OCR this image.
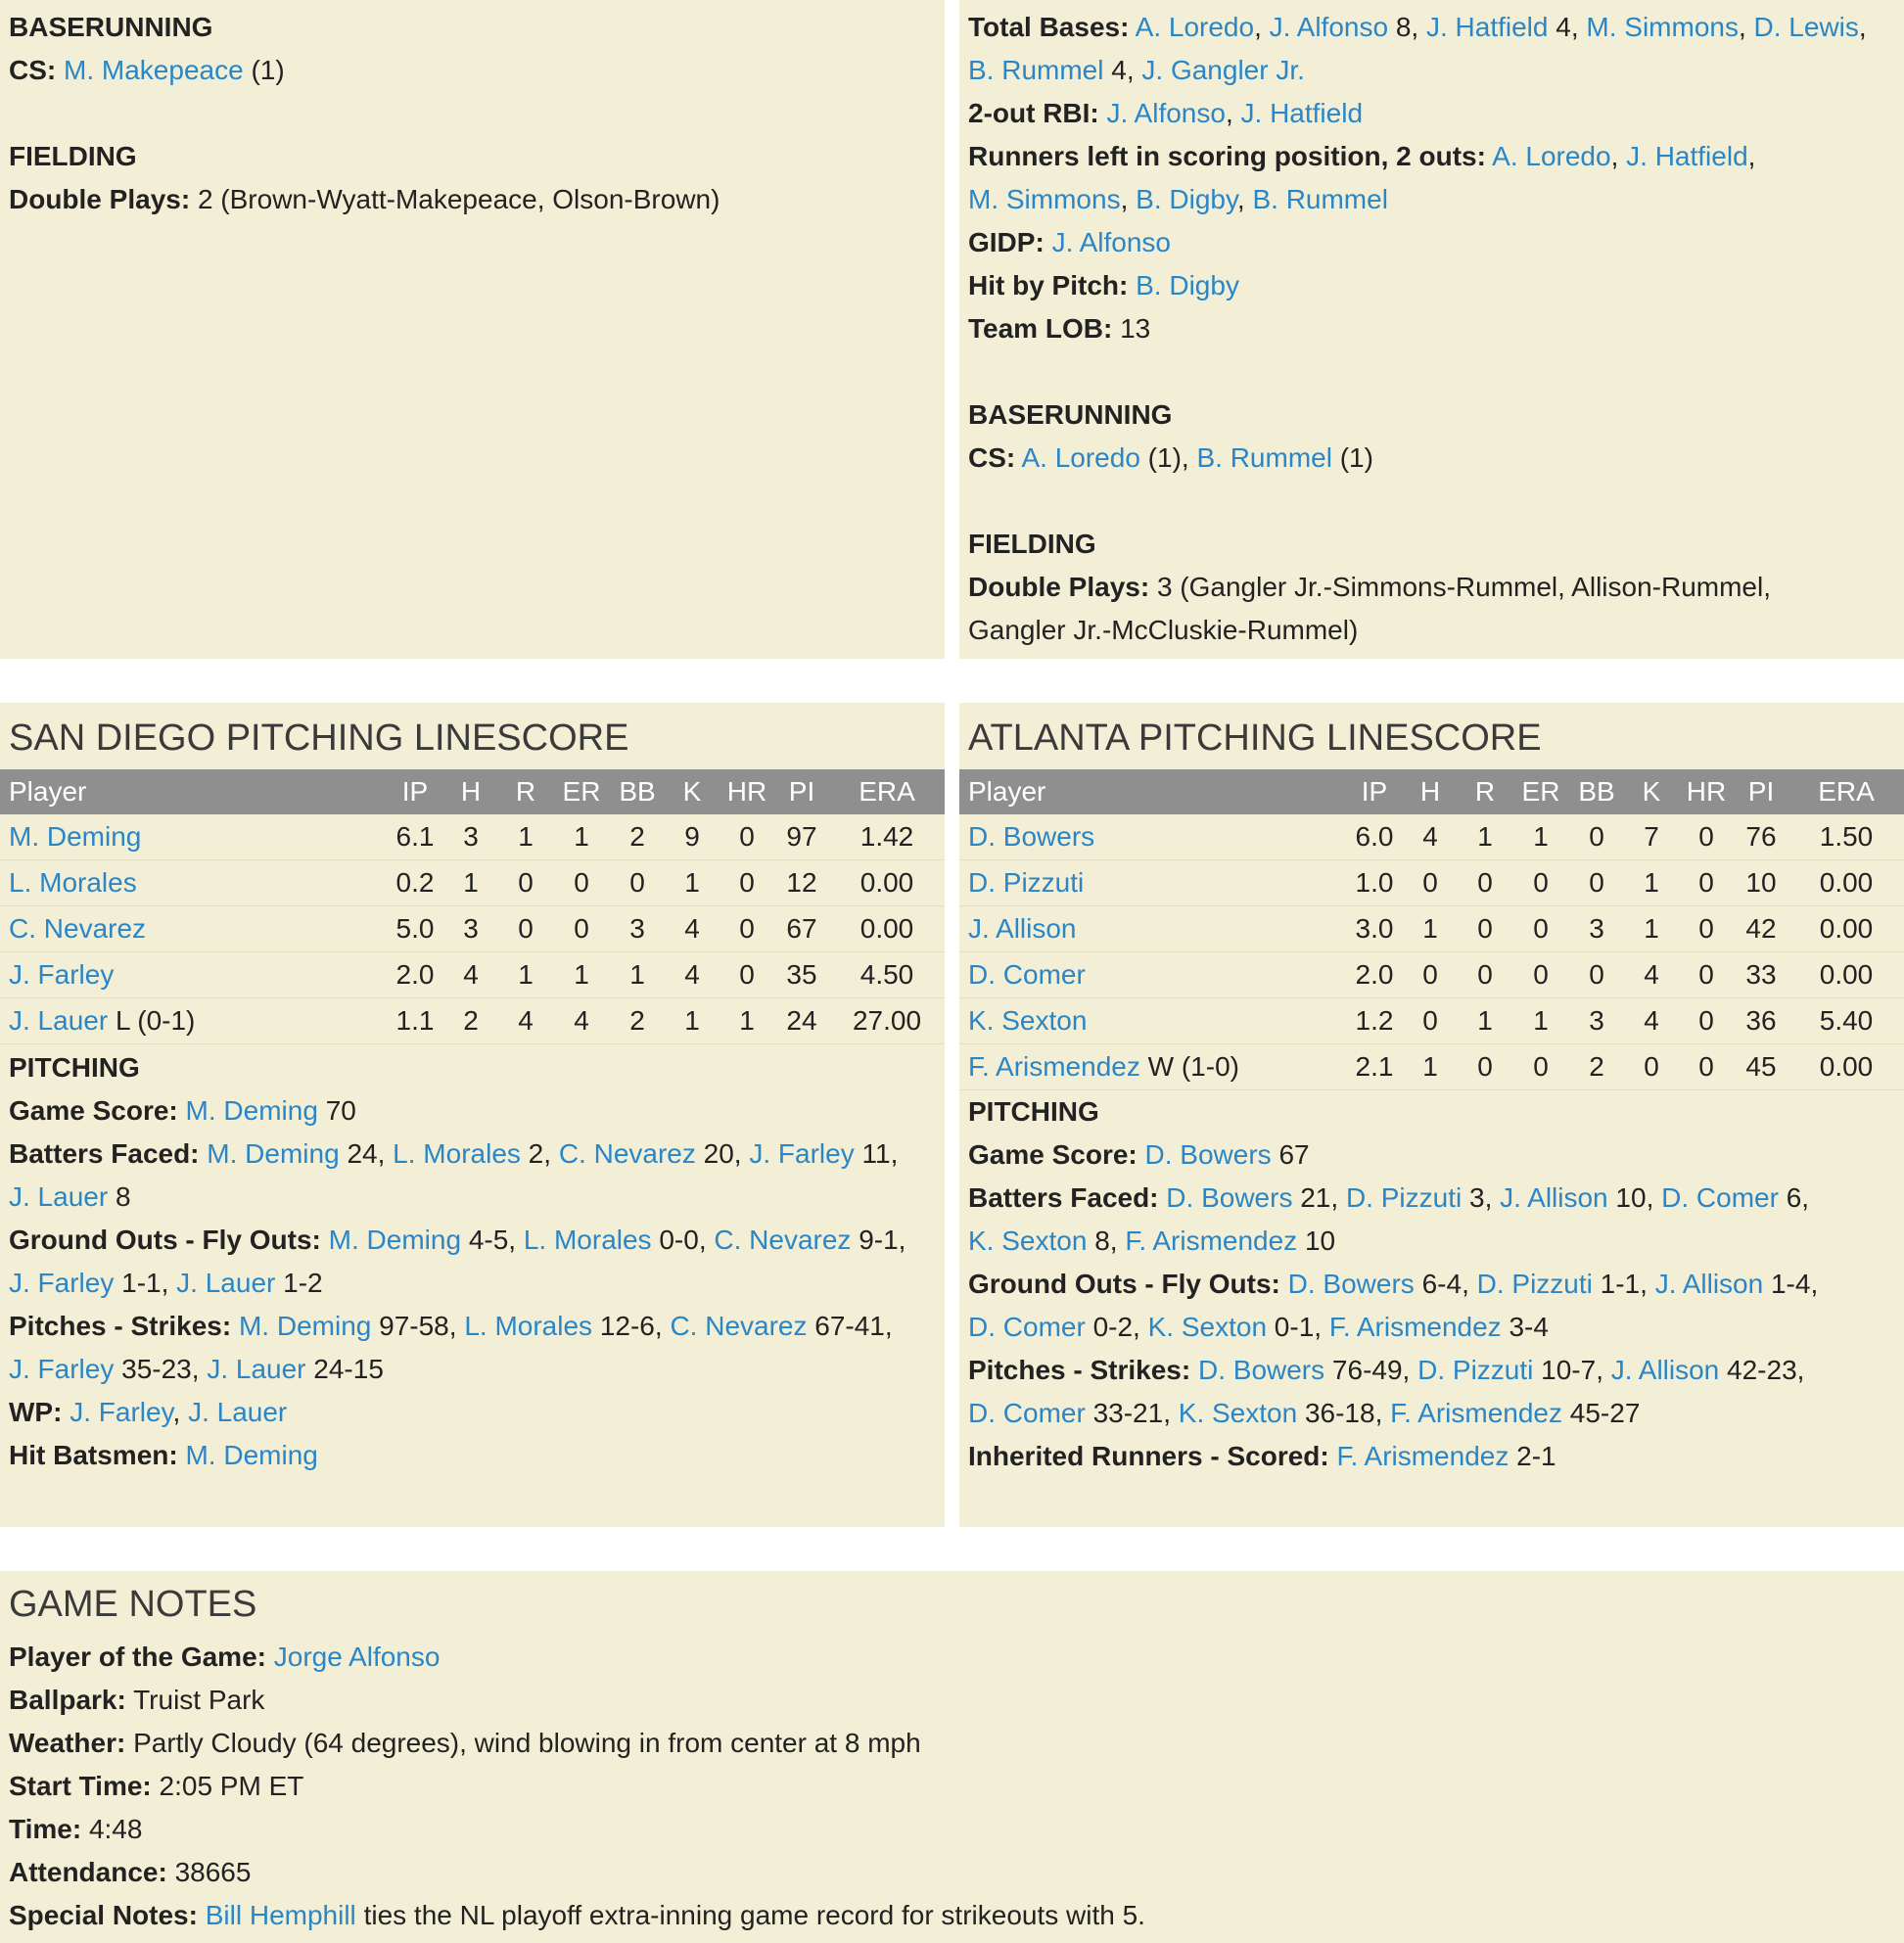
BASERUNNING
CS: M. Makepeace (1)
FIELDING
Double Plays: 2 (Brown-Wyatt-Makepeace, Olson-Brown)
Total Bases: A. Loredo, J. Alfonso 8, J. Hatfield 4, M. Simmons, D. Lewis,
B. Rummel 4, J. Gangler Jr.
2-out RBI: J. Alfonso, J. Hatfield
Runners left in scoring position, 2 outs: A. Loredo, J. Hatfield,
M. Simmons, B. Digby, B. Rummel
GIDP: J. Alfonso
Hit by Pitch: B. Digby
Team LOB: 13
BASERUNNING
CS: A. Loredo (1), B. Rummel (1)
FIELDING
Double Plays: 3 (Gangler Jr.-Simmons-Rummel, Allison-Rummel,
Gangler Jr.-McCluskie-Rummel)
SAN DIEGO PITCHING LINESCORE
Player	IP	H	R	ER	BB	K	HR	PI	ERA
M. Deming	6.1	3	1	1	2	9	0	97	1.42
L. Morales	0.2	1	0	0	0	1	0	12	0.00
C. Nevarez	5.0	3	0	0	3	4	0	67	0.00
J. Farley	2.0	4	1	1	1	4	0	35	4.50
J. Lauer L (0-1)	1.1	2	4	4	2	1	1	24	27.00
PITCHING
Game Score: M. Deming 70
Batters Faced: M. Deming 24, L. Morales 2, C. Nevarez 20, J. Farley 11,
J. Lauer 8
Ground Outs - Fly Outs: M. Deming 4-5, L. Morales 0-0, C. Nevarez 9-1,
J. Farley 1-1, J. Lauer 1-2
Pitches - Strikes: M. Deming 97-58, L. Morales 12-6, C. Nevarez 67-41,
J. Farley 35-23, J. Lauer 24-15
WP: J. Farley, J. Lauer
Hit Batsmen: M. Deming
ATLANTA PITCHING LINESCORE
Player	IP	H	R	ER	BB	K	HR	PI	ERA
D. Bowers	6.0	4	1	1	0	7	0	76	1.50
D. Pizzuti	1.0	0	0	0	0	1	0	10	0.00
J. Allison	3.0	1	0	0	3	1	0	42	0.00
D. Comer	2.0	0	0	0	0	4	0	33	0.00
K. Sexton	1.2	0	1	1	3	4	0	36	5.40
F. Arismendez W (1-0)	2.1	1	0	0	2	0	0	45	0.00
PITCHING
Game Score: D. Bowers 67
Batters Faced: D. Bowers 21, D. Pizzuti 3, J. Allison 10, D. Comer 6,
K. Sexton 8, F. Arismendez 10
Ground Outs - Fly Outs: D. Bowers 6-4, D. Pizzuti 1-1, J. Allison 1-4,
D. Comer 0-2, K. Sexton 0-1, F. Arismendez 3-4
Pitches - Strikes: D. Bowers 76-49, D. Pizzuti 10-7, J. Allison 42-23,
D. Comer 33-21, K. Sexton 36-18, F. Arismendez 45-27
Inherited Runners - Scored: F. Arismendez 2-1
GAME NOTES
Player of the Game: Jorge Alfonso
Ballpark: Truist Park
Weather: Partly Cloudy (64 degrees), wind blowing in from center at 8 mph
Start Time: 2:05 PM ET
Time: 4:48
Attendance: 38665
Special Notes: Bill Hemphill ties the NL playoff extra-inning game record for strikeouts with 5.
